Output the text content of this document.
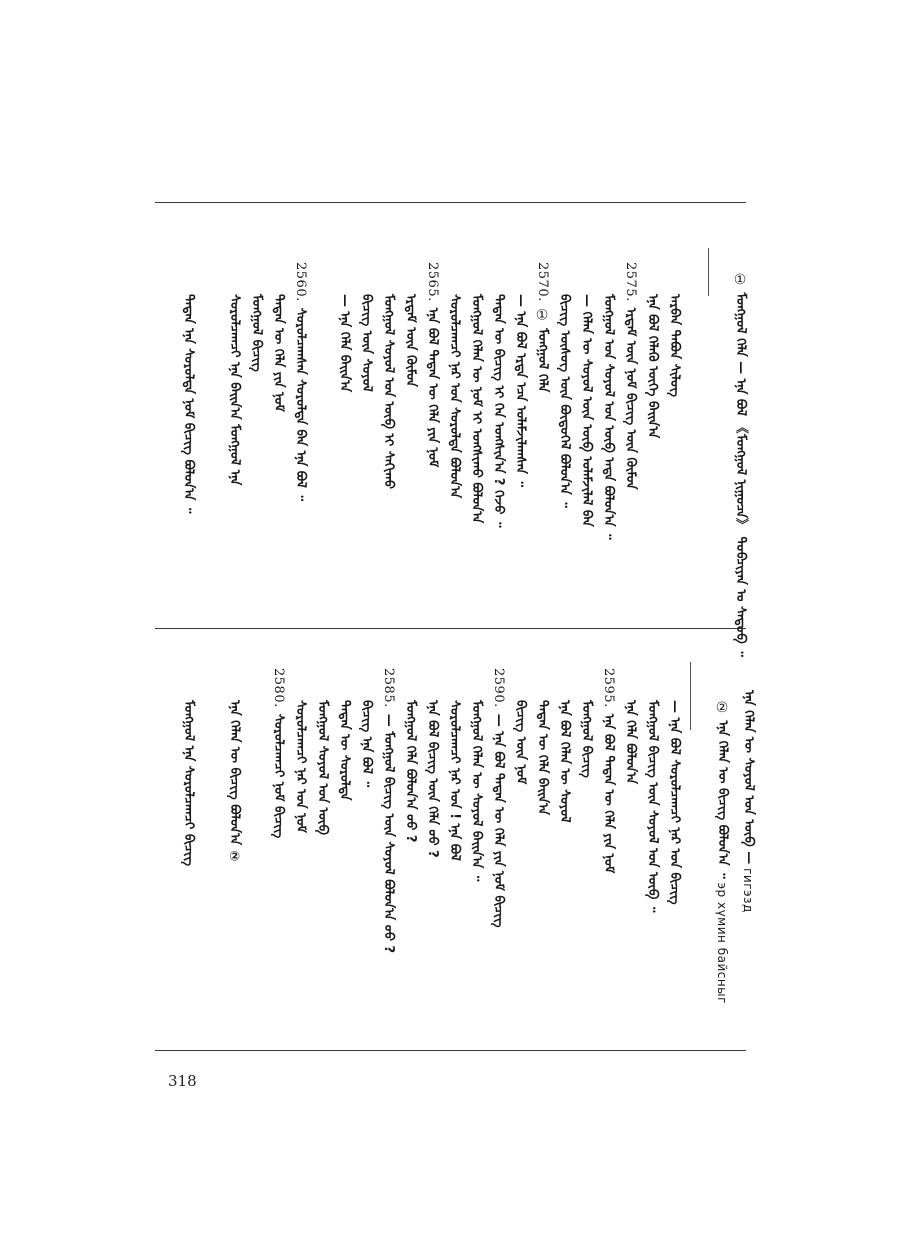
318
① ᠮᠣᠩᠭᠣᠯ ᠬᠡᠯᠡ — ᠡᠨᠡ ᠪᠣᠯ 《ᠮᠣᠩᠭᠣᠯ ᠨᠢᠭᠤᠴᠠ》 ᠲᠣᠪᠴᠢᠶᠠᠨ ᠤ ᠰᠡᠳᠦᠪ ᠃
ᠠᠷᠪᠠᠨ ᠲᠠᠪᠤᠨ ᠰᠢᠯᠦᠭ
ᠡᠨᠡ ᠪᠣᠯ ᠬᠡᠯᠡᠬᠦ ᠦᠭᠡ ᠪᠠᠢᠨ᠎ᠠ
2575.ᠡᠷᠳᠡᠮ ᠦᠨ ᠨᠣᠮ ᠪᠢᠴᠢᠭ ᠦᠨ ᠬᠦᠮᠦᠨ
ᠮᠣᠩᠭᠣᠯ ᠤᠨ ᠰᠣᠶᠣᠯ ᠤᠨ ᠦᠪ ᠠᠳᠠ ᠪᠣᠯᠤᠨ᠎ᠠ ᠃
— ᠬᠡᠯᠡᠨ ᠦ ᠰᠣᠶᠣᠯ ᠦᠨ ᠦᠪ ᠤᠯᠠᠮᠵᠢᠯᠠᠯ ᠪᠠᠨ
ᠪᠢᠴᠢᠭ ᠦᠰᠦᠭ ᠦᠨ ᠪᠦᠲᠦᠭᠡᠯ ᠪᠣᠯᠤᠨ᠎ᠠ ᠃
2570.① ᠮᠣᠩᠭᠣᠯ ᠬᠡᠯᠡ
— ᠡᠨᠡ ᠪᠣᠯ ᠡᠷᠲᠡ ᠡᠴᠡ ᠤᠯᠠᠮᠵᠢᠯᠠᠭᠰᠠᠨ ᠃
ᠲᠡᠳᠡᠨ ᠦ ᠪᠢᠴᠢᠭ ᠢ ᠬᠡᠨ ᠤᠩᠰᠢᠨ᠎ᠠ ? ᠭᠡᠵᠦ ᠃
ᠮᠣᠩᠭᠣᠯ ᠬᠡᠯᠡᠨ ᠦ ᠨᠣᠮ ᠢ ᠤᠩᠰᠢᠬᠤ ᠪᠣᠯᠤᠨ᠎ᠠ
ᠰᠤᠷᠤᠯᠴᠠᠭᠴᠢ ᠨᠠᠷ ᠤᠨ ᠰᠤᠷᠤᠯᠲᠠ ᠪᠣᠯᠤᠨ᠎ᠠ
2565.ᠡᠨᠡ ᠪᠣᠯ ᠲᠡᠳᠡᠨ ᠦ ᠬᠡᠯᠡ ᠶᠢᠨ ᠨᠣᠮ
ᠡᠷᠳᠡᠮ ᠦᠨ ᠬᠦᠮᠦᠨ
ᠮᠣᠩᠭᠣᠯ ᠰᠣᠶᠣᠯ ᠤᠨ ᠦᠪ ᠢ ᠰᠠᠬᠢᠬᠤ
ᠪᠢᠴᠢᠭ ᠦᠨ ᠰᠣᠶᠣᠯ
— ᠡᠨᠡ ᠬᠡᠯᠡ ᠪᠠᠢᠨ᠎ᠠ
2560.ᠰᠤᠷᠤᠯᠴᠠᠭᠰᠠᠨ ᠰᠤᠷᠤᠯᠲᠠ ᠪᠠᠨ ᠡᠨᠡ ᠪᠣᠯ ᠃
ᠲᠡᠳᠡᠨ ᠦ ᠬᠡᠯᠡ ᠶᠢᠨ ᠨᠣᠮ
ᠮᠣᠩᠭᠣᠯ ᠪᠢᠴᠢᠭ
ᠰᠤᠷᠤᠯᠴᠠᠭᠴᠢ ᠡᠨᠡ ᠪᠠᠢᠨ᠎ᠠ ᠮᠣᠩᠭᠣᠯ ᠡᠨᠡ
ᠲᠡᠳᠡᠨ ᠡᠨᠡ ᠰᠤᠷᠤᠯᠲᠠ ᠨᠣᠮ ᠪᠢᠴᠢᠭ ᠪᠣᠯᠤᠨ᠎ᠠ ᠃
ᠡᠨᠡ ᠬᠡᠯᠡᠨ ᠦ ᠰᠣᠶᠣᠯ ᠤᠨ ᠦᠪ — гигэзд
② ᠡᠨᠡ ᠬᠡᠯᠡᠨ ᠦ ᠪᠢᠴᠢᠭ ᠪᠣᠯᠤᠨ᠎ᠠ ᠃ эр хүмин байсныг
— ᠡᠨᠡ ᠪᠣᠯ ᠰᠤᠷᠤᠯᠴᠠᠭᠴᠢ ᠨᠠᠷ ᠤᠨ ᠪᠢᠴᠢᠭ
ᠮᠣᠩᠭᠣᠯ ᠪᠢᠴᠢᠭ ᠦᠨ ᠰᠣᠶᠣᠯ ᠤᠨ ᠦᠪ ᠃
ᠡᠨᠡ ᠬᠡᠯᠡ ᠪᠣᠯᠤᠨ᠎ᠠ
2595.ᠡᠨᠡ ᠪᠣᠯ ᠲᠡᠳᠡᠨ ᠦ ᠬᠡᠯᠡ ᠶᠢᠨ ᠨᠣᠮ
ᠮᠣᠩᠭᠣᠯ ᠪᠢᠴᠢᠭ
ᠡᠨᠡ ᠪᠣᠯ ᠬᠡᠯᠡᠨ ᠦ ᠰᠣᠶᠣᠯ
ᠲᠡᠳᠡᠨ ᠦ ᠬᠡᠯᠡ ᠪᠠᠢᠨ᠎ᠠ
ᠪᠢᠴᠢᠭ ᠦᠨ ᠨᠣᠮ
2590.— ᠡᠨᠡ ᠪᠣᠯ ᠲᠡᠳᠡᠨ ᠦ ᠬᠡᠯᠡ ᠶᠢᠨ ᠨᠣᠮ ᠪᠢᠴᠢᠭ
ᠮᠣᠩᠭᠣᠯ ᠬᠡᠯᠡᠨ ᠦ ᠰᠣᠶᠣᠯ ᠪᠠᠢᠨ᠎ᠠ ᠃
ᠰᠤᠷᠤᠯᠴᠠᠭᠴᠢ ᠨᠠᠷ ᠤᠨ ! ᠡᠨᠡ ᠪᠣᠯ
ᠡᠨᠡ ᠪᠣᠯ ᠪᠢᠴᠢᠭ ᠦᠨ ᠬᠡᠯᠡ ᠤᠤ ?
ᠮᠣᠩᠭᠣᠯ ᠬᠡᠯᠡ ᠪᠣᠯᠤᠨ᠎ᠠ ᠤᠤ ?
2585.— ᠮᠣᠩᠭᠣᠯ ᠪᠢᠴᠢᠭ ᠦᠨ ᠰᠣᠶᠣᠯ ᠪᠣᠯᠤᠨ᠎ᠠ ᠤᠤ ?
ᠪᠢᠴᠢᠭ ᠡᠨᠡ ᠪᠣᠯ ᠃
ᠲᠡᠳᠡᠨ ᠦ ᠰᠤᠷᠤᠯᠲᠠ
ᠮᠣᠩᠭᠣᠯ ᠰᠣᠶᠣᠯ ᠤᠨ ᠦᠪ
ᠰᠤᠷᠤᠯᠴᠠᠭᠴᠢ ᠨᠠᠷ ᠤᠨ ᠨᠣᠮ
2580.ᠰᠤᠷᠤᠯᠴᠠᠭᠴᠢ ᠨᠣᠮ ᠪᠢᠴᠢᠭ
ᠡᠨᠡ ᠬᠡᠯᠡᠨ ᠦ ᠪᠢᠴᠢᠭ ᠪᠣᠯᠤᠨ᠎ᠠ ②
ᠮᠣᠩᠭᠣᠯ ᠡᠨᠡ ᠰᠤᠷᠤᠯᠴᠠᠭᠴᠢ ᠪᠢᠴᠢᠭ
